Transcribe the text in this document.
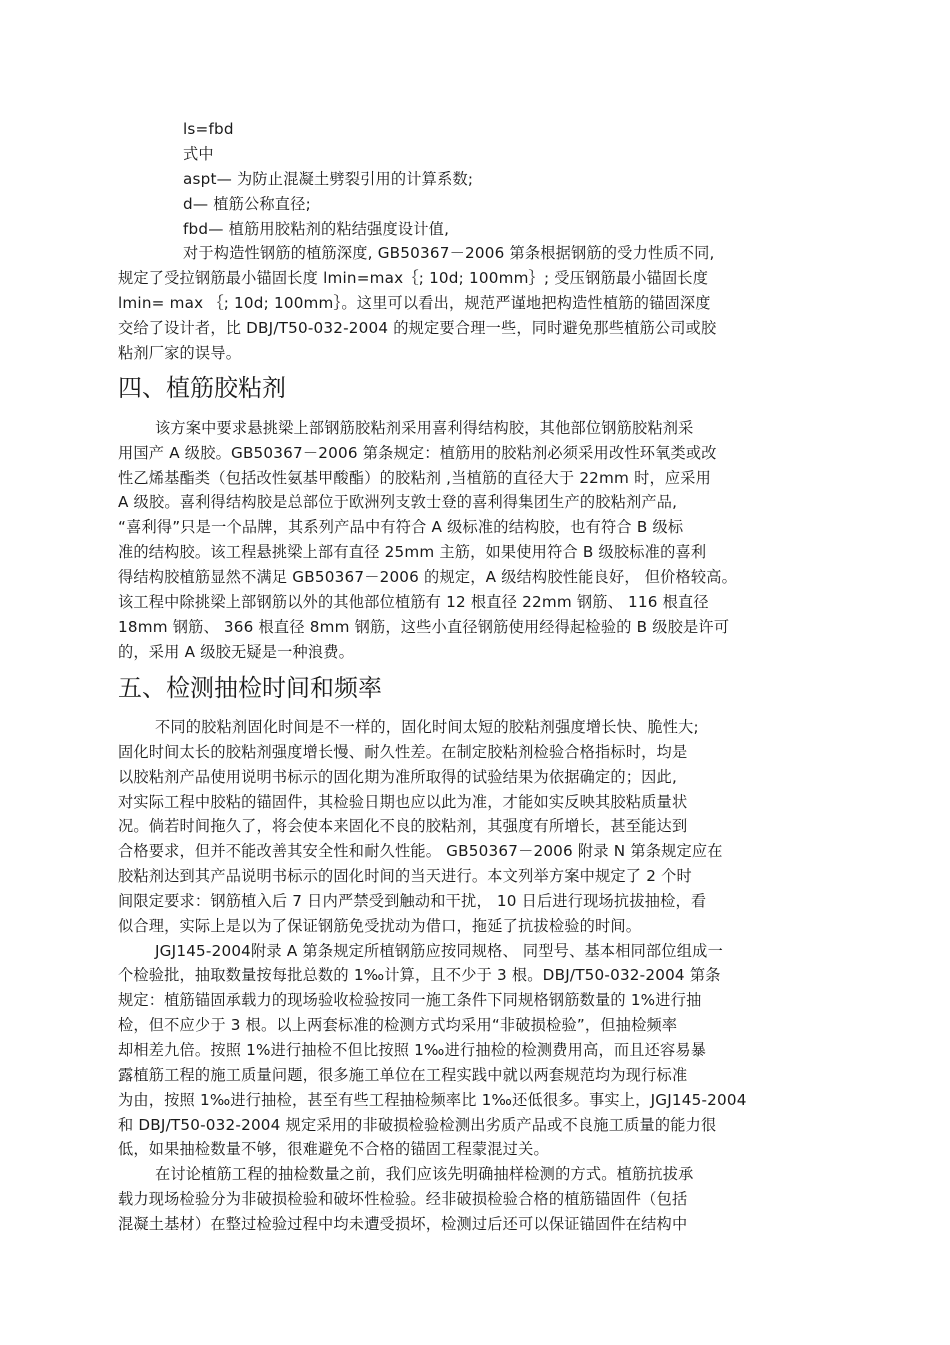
ls=fbd
式中
aspt— 为防止混凝土劈裂引用的计算系数;
d— 植筋公称直径;
fbd— 植筋用胶粘剂的粘结强度设计值,
对于构造性钢筋的植筋深度, GB50367－2006 第条根据钢筋的受力性质不同,
规定了受拉钢筋最小锚固长度 lmin=max｛; 10d; 100mm｝; 受压钢筋最小锚固长度
lmin= max ｛; 10d; 100mm｝。这里可以看出，规范严谨地把构造性植筋的锚固深度
交给了设计者，比 DBJ/T50-032-2004 的规定要合理一些，同时避免那些植筋公司或胶
粘剂厂家的误导。
四、植筋胶粘剂
该方案中要求悬挑梁上部钢筋胶粘剂采用喜利得结构胶，其他部位钢筋胶粘剂采
用国产 A 级胶。GB50367－2006 第条规定：植筋用的胶粘剂必须采用改性环氧类或改
性乙烯基酯类（包括改性氨基甲酸酯）的胶粘剂 ,当植筋的直径大于 22mm 时，应采用
A 级胶。喜利得结构胶是总部位于欧洲列支敦士登的喜利得集团生产的胶粘剂产品,
“喜利得”只是一个品牌，其系列产品中有符合 A 级标准的结构胶，也有符合 B 级标
准的结构胶。该工程悬挑梁上部有直径 25mm 主筋，如果使用符合 B 级胶标准的喜利
得结构胶植筋显然不满足 GB50367－2006 的规定，A 级结构胶性能良好， 但价格较高。
该工程中除挑梁上部钢筋以外的其他部位植筋有 12 根直径 22mm 钢筋、 116 根直径
18mm 钢筋、 366 根直径 8mm 钢筋，这些小直径钢筋使用经得起检验的 B 级胶是许可
的，采用 A 级胶无疑是一种浪费。
五、检测抽检时间和频率
不同的胶粘剂固化时间是不一样的，固化时间太短的胶粘剂强度增长快、脆性大;
固化时间太长的胶粘剂强度增长慢、耐久性差。在制定胶粘剂检验合格指标时，均是
以胶粘剂产品使用说明书标示的固化期为准所取得的试验结果为依据确定的；因此,
对实际工程中胶粘的锚固件，其检验日期也应以此为准，才能如实反映其胶粘质量状
况。倘若时间拖久了，将会使本来固化不良的胶粘剂，其强度有所增长，甚至能达到
合格要求，但并不能改善其安全性和耐久性能。 GB50367－2006 附录 N 第条规定应在
胶粘剂达到其产品说明书标示的固化时间的当天进行。本文列举方案中规定了 2 个时
间限定要求：钢筋植入后 7 日内严禁受到触动和干扰， 10 日后进行现场抗拔抽检，看
似合理，实际上是以为了保证钢筋免受扰动为借口，拖延了抗拔检验的时间。
JGJ145-2004附录 A 第条规定所植钢筋应按同规格、 同型号、基本相同部位组成一
个检验批，抽取数量按每批总数的 1‰计算，且不少于 3 根。DBJ/T50-032-2004 第条
规定：植筋锚固承载力的现场验收检验按同一施工条件下同规格钢筋数量的 1%进行抽
检，但不应少于 3 根。以上两套标准的检测方式均采用“非破损检验”，但抽检频率
却相差九倍。按照 1%进行抽检不但比按照 1‰进行抽检的检测费用高，而且还容易暴
露植筋工程的施工质量问题，很多施工单位在工程实践中就以两套规范均为现行标准
为由，按照 1‰进行抽检，甚至有些工程抽检频率比 1‰还低很多。事实上，JGJ145-2004
和 DBJ/T50-032-2004 规定采用的非破损检验检测出劣质产品或不良施工质量的能力很
低，如果抽检数量不够，很难避免不合格的锚固工程蒙混过关。
在讨论植筋工程的抽检数量之前，我们应该先明确抽样检测的方式。植筋抗拔承
载力现场检验分为非破损检验和破坏性检验。经非破损检验合格的植筋锚固件（包括
混凝土基材）在整过检验过程中均未遭受损坏，检测过后还可以保证锚固件在结构中
